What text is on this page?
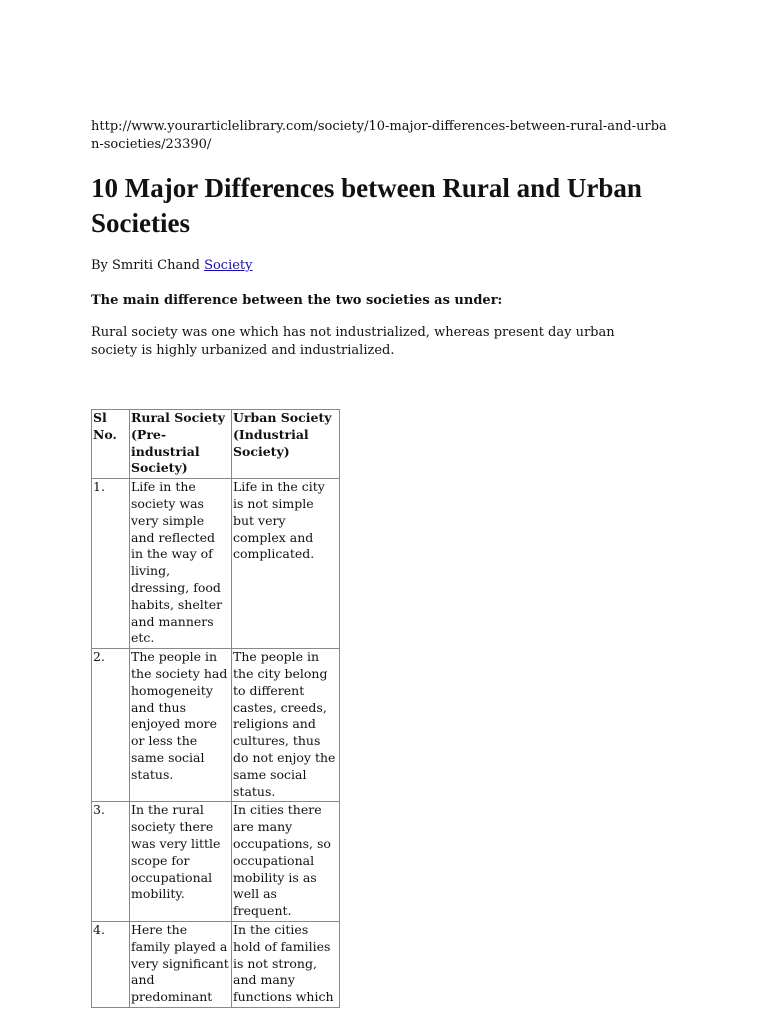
http://www.yourarticlelibrary.com/society/10-major-differences-between-rural-and-urban-societies/23390/
10 Major Differences between Rural and Urban Societies
By Smriti Chand Society
The main difference between the two societies as under:
Rural society was one which has not industrialized, whereas present day urban society is highly urbanized and industrialized.
Sl No.	Rural Society (Pre-industrial Society)	Urban Society (Industrial Society)
1.	Life in the society was very simple and reflected in the way of living, dressing, food habits, shelter and manners etc.	Life in the city is not simple but very complex and complicated.
2.	The people in the society had homogeneity and thus enjoyed more or less the same social status.	The people in the city belong to different castes, creeds, religions and cultures, thus do not enjoy the same social status.
3.	In the rural society there was very little scope for occupational mobility.	In cities there are many occupations, so occupational mobility is as well as frequent.
4.	Here the family played a very significant and predominant	In the cities hold of families is not strong, and many functions which
